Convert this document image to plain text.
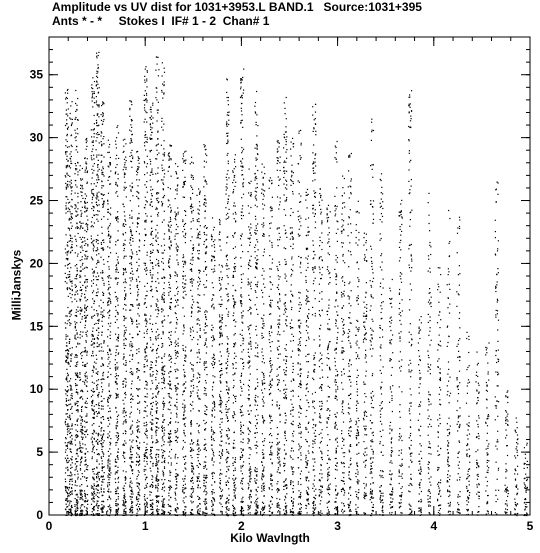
Amplitude vs UV dist for 1031+3953.L BAND.1   Source:1031+395
Ants * - *     Stokes I  IF# 1 - 2  Chan# 1
0	1	2	3	4	5
0
5
10
15
20
25
30
35
MilliJanskys
Kilo Wavlngth
